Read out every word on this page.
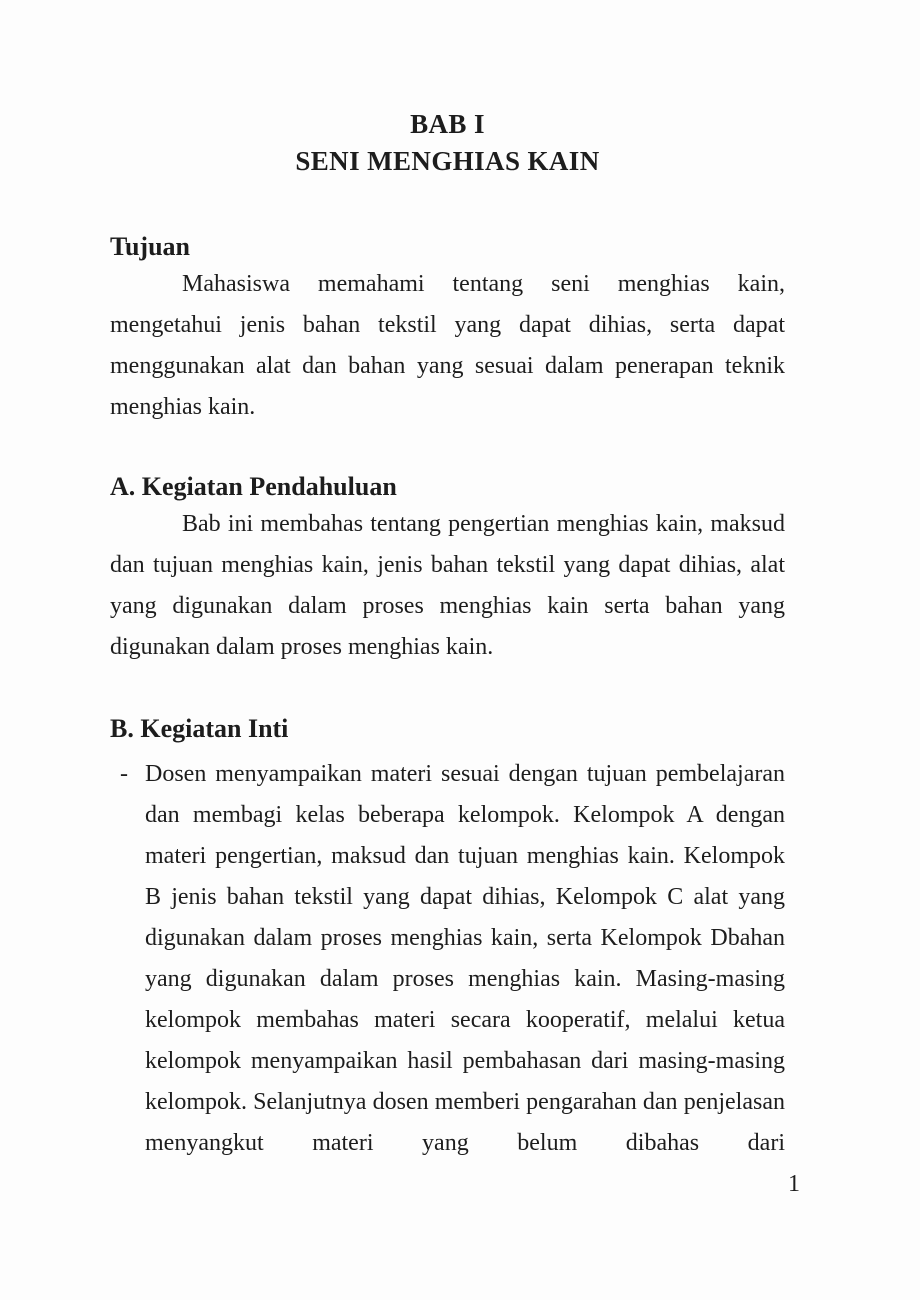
BAB I
SENI MENGHIAS KAIN
Tujuan

Mahasiswa memahami tentang seni menghias kain, mengetahui jenis bahan tekstil yang dapat dihias, serta dapat menggunakan alat dan bahan yang sesuai dalam penerapan teknik menghias kain.

A. Kegiatan Pendahuluan

Bab ini membahas tentang pengertian menghias kain, maksud dan tujuan menghias kain, jenis bahan tekstil yang dapat dihias, alat yang digunakan dalam proses menghias kain serta bahan yang digunakan dalam proses menghias kain.

B. Kegiatan Inti
- Dosen menyampaikan materi sesuai dengan tujuan pembelajaran dan membagi kelas beberapa kelompok. Kelompok A dengan materi pengertian, maksud dan tujuan menghias kain. Kelompok B jenis bahan tekstil yang dapat dihias, Kelompok C alat yang digunakan dalam proses menghias kain, serta Kelompok Dbahan yang digunakan dalam proses menghias kain. Masing-masing kelompok membahas materi secara kooperatif, melalui ketua kelompok menyampaikan hasil pembahasan dari masing-masing kelompok. Selanjutnya dosen memberi pengarahan dan penjelasan menyangkut materi yang belum dibahas dari

1
